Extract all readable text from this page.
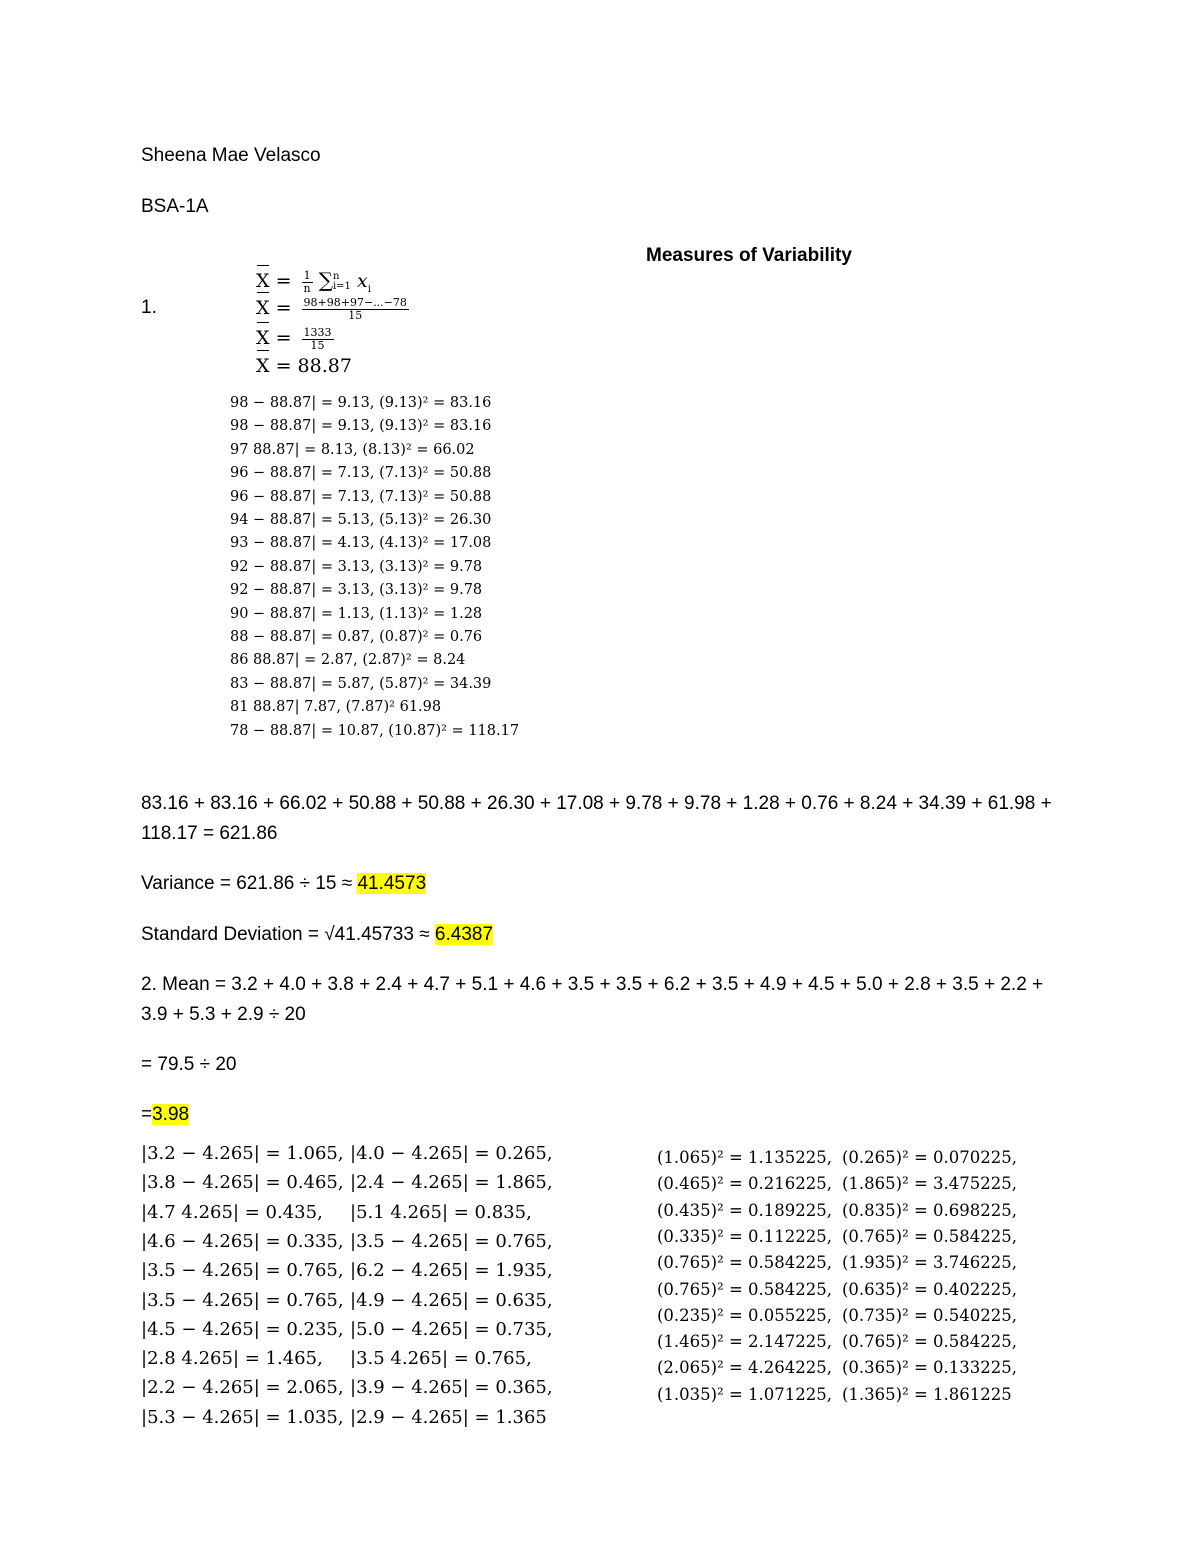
Sheena Mae Velasco
BSA-1A
Measures of Variability
1.
$X = \frac{1}{n}$ ∑ n
i=1 $x_i$
$X = \frac{98+98+97-...-78}{15}$
$X = \frac{1333}{15}$
X = 88.87
98 − 88.87| = 9.13, (9.13)² = 83.16
98 − 88.87| = 9.13, (9.13)² = 83.16
97 88.87| = 8.13, (8.13)² = 66.02
96 − 88.87| = 7.13, (7.13)² = 50.88
96 − 88.87| = 7.13, (7.13)² = 50.88
94 − 88.87| = 5.13, (5.13)² = 26.30
93 − 88.87| = 4.13, (4.13)² = 17.08
92 − 88.87| = 3.13, (3.13)² = 9.78
92 − 88.87| = 3.13, (3.13)² = 9.78
90 − 88.87| = 1.13, (1.13)² = 1.28
88 − 88.87| = 0.87, (0.87)² = 0.76
86 88.87| = 2.87, (2.87)² = 8.24
83 − 88.87| = 5.87, (5.87)² = 34.39
81 88.87| 7.87, (7.87)² 61.98
78 − 88.87| = 10.87, (10.87)² = 118.17
83.16 + 83.16 + 66.02 + 50.88 + 50.88 + 26.30 + 17.08 + 9.78 + 9.78 + 1.28 + 0.76 + 8.24 + 34.39 + 61.98 +
118.17 = 621.86
Variance = 621.86 ÷ 15 ≈ 41.4573
Standard Deviation = √41.45733 ≈ 6.4387
2. Mean = 3.2 + 4.0 + 3.8 + 2.4 + 4.7 + 5.1 + 4.6 + 3.5 + 3.5 + 6.2 + 3.5 + 4.9 + 4.5 + 5.0 + 2.8 + 3.5 + 2.2 +
3.9 + 5.3 + 2.9 ÷ 20
= 79.5 ÷ 20
=3.98
|3.2 − 4.265| = 1.065,
|3.8 − 4.265| = 0.465,
|4.7 4.265| = 0.435,
|4.6 − 4.265| = 0.335,
|3.5 − 4.265| = 0.765,
|3.5 − 4.265| = 0.765,
|4.5 − 4.265| = 0.235,
|2.8 4.265| = 1.465,
|2.2 − 4.265| = 2.065,
|5.3 − 4.265| = 1.035,
|4.0 − 4.265| = 0.265,
|2.4 − 4.265| = 1.865,
|5.1 4.265| = 0.835,
|3.5 − 4.265| = 0.765,
|6.2 − 4.265| = 1.935,
|4.9 − 4.265| = 0.635,
|5.0 − 4.265| = 0.735,
|3.5 4.265| = 0.765,
|3.9 − 4.265| = 0.365,
|2.9 − 4.265| = 1.365
(1.065)² = 1.135225,
(0.465)² = 0.216225,
(0.435)² = 0.189225,
(0.335)² = 0.112225,
(0.765)² = 0.584225,
(0.765)² = 0.584225,
(0.235)² = 0.055225,
(1.465)² = 2.147225,
(2.065)² = 4.264225,
(1.035)² = 1.071225,
(0.265)² = 0.070225,
(1.865)² = 3.475225,
(0.835)² = 0.698225,
(0.765)² = 0.584225,
(1.935)² = 3.746225,
(0.635)² = 0.402225,
(0.735)² = 0.540225,
(0.765)² = 0.584225,
(0.365)² = 0.133225,
(1.365)² = 1.861225
